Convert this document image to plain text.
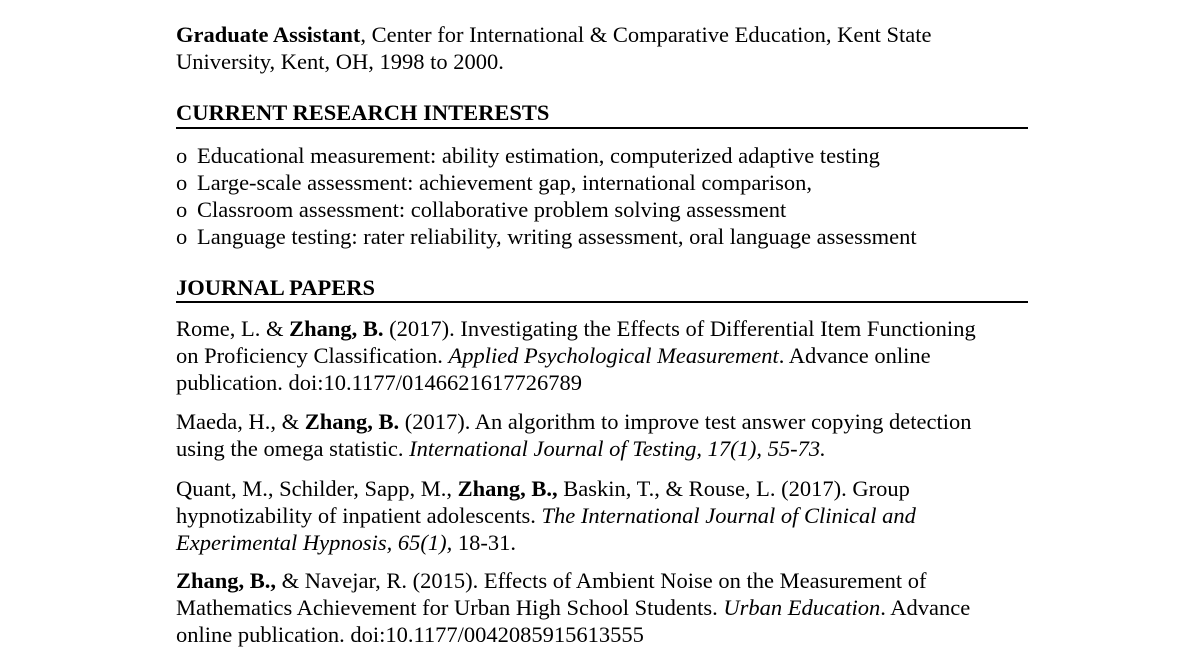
Graduate Assistant, Center for International & Comparative Education, Kent State
University, Kent, OH, 1998 to 2000.

CURRENT RESEARCH INTERESTS
o Educational measurement: ability estimation, computerized adaptive testing
o Large-scale assessment: achievement gap, international comparison,
o Classroom assessment: collaborative problem solving assessment
o Language testing: rater reliability, writing assessment, oral language assessment
JOURNAL PAPERS

Rome, L. & Zhang, B. (2017). Investigating the Effects of Differential Item Functioning
on Proficiency Classification. Applied Psychological Measurement. Advance online
publication. doi:10.1177/0146621617726789

Maeda, H., & Zhang, B. (2017). An algorithm to improve test answer copying detection
using the omega statistic. International Journal of Testing, 17(1), 55-73.

Quant, M., Schilder, Sapp, M., Zhang, B., Baskin, T., & Rouse, L. (2017). Group
hypnotizability of inpatient adolescents. The International Journal of Clinical and
Experimental Hypnosis, 65(1), 18-31.

Zhang, B., & Navejar, R. (2015). Effects of Ambient Noise on the Measurement of
Mathematics Achievement for Urban High School Students. Urban Education. Advance
online publication. doi:10.1177/0042085915613555
